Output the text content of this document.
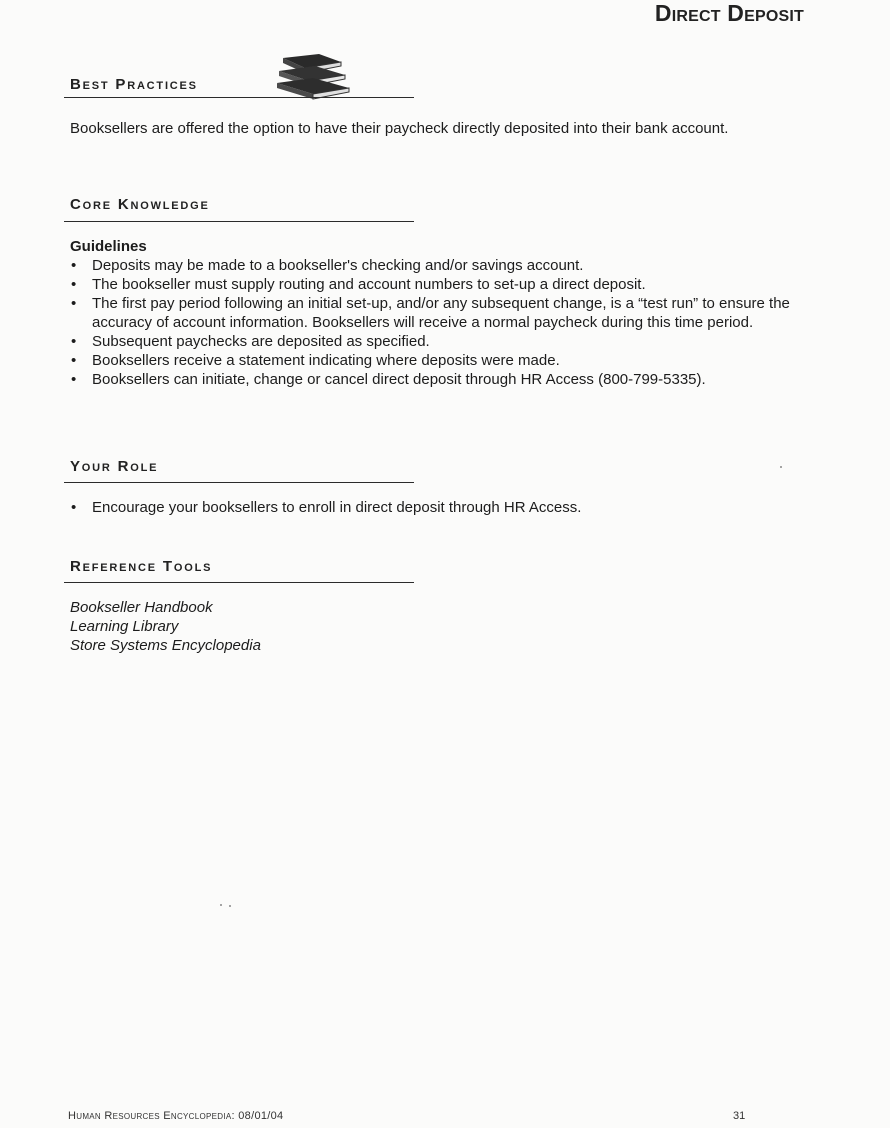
Direct Deposit
Best Practices

Booksellers are offered the option to have their paycheck directly deposited into their bank account.

Core Knowledge
Guidelines
• Deposits may be made to a bookseller's checking and/or savings account.
• The bookseller must supply routing and account numbers to set-up a direct deposit.
• The first pay period following an initial set-up, and/or any subsequent change, is a “test run” to ensure the accuracy of account information. Booksellers will receive a normal paycheck during this time period.
• Subsequent paychecks are deposited as specified.
• Booksellers receive a statement indicating where deposits were made.
• Booksellers can initiate, change or cancel direct deposit through HR Access (800-799-5335).
Your Role
• Encourage your booksellers to enroll in direct deposit through HR Access.
Reference Tools
Bookseller Handbook
Learning Library
Store Systems Encyclopedia
Human Resources Encyclopedia: 08/01/04	31
